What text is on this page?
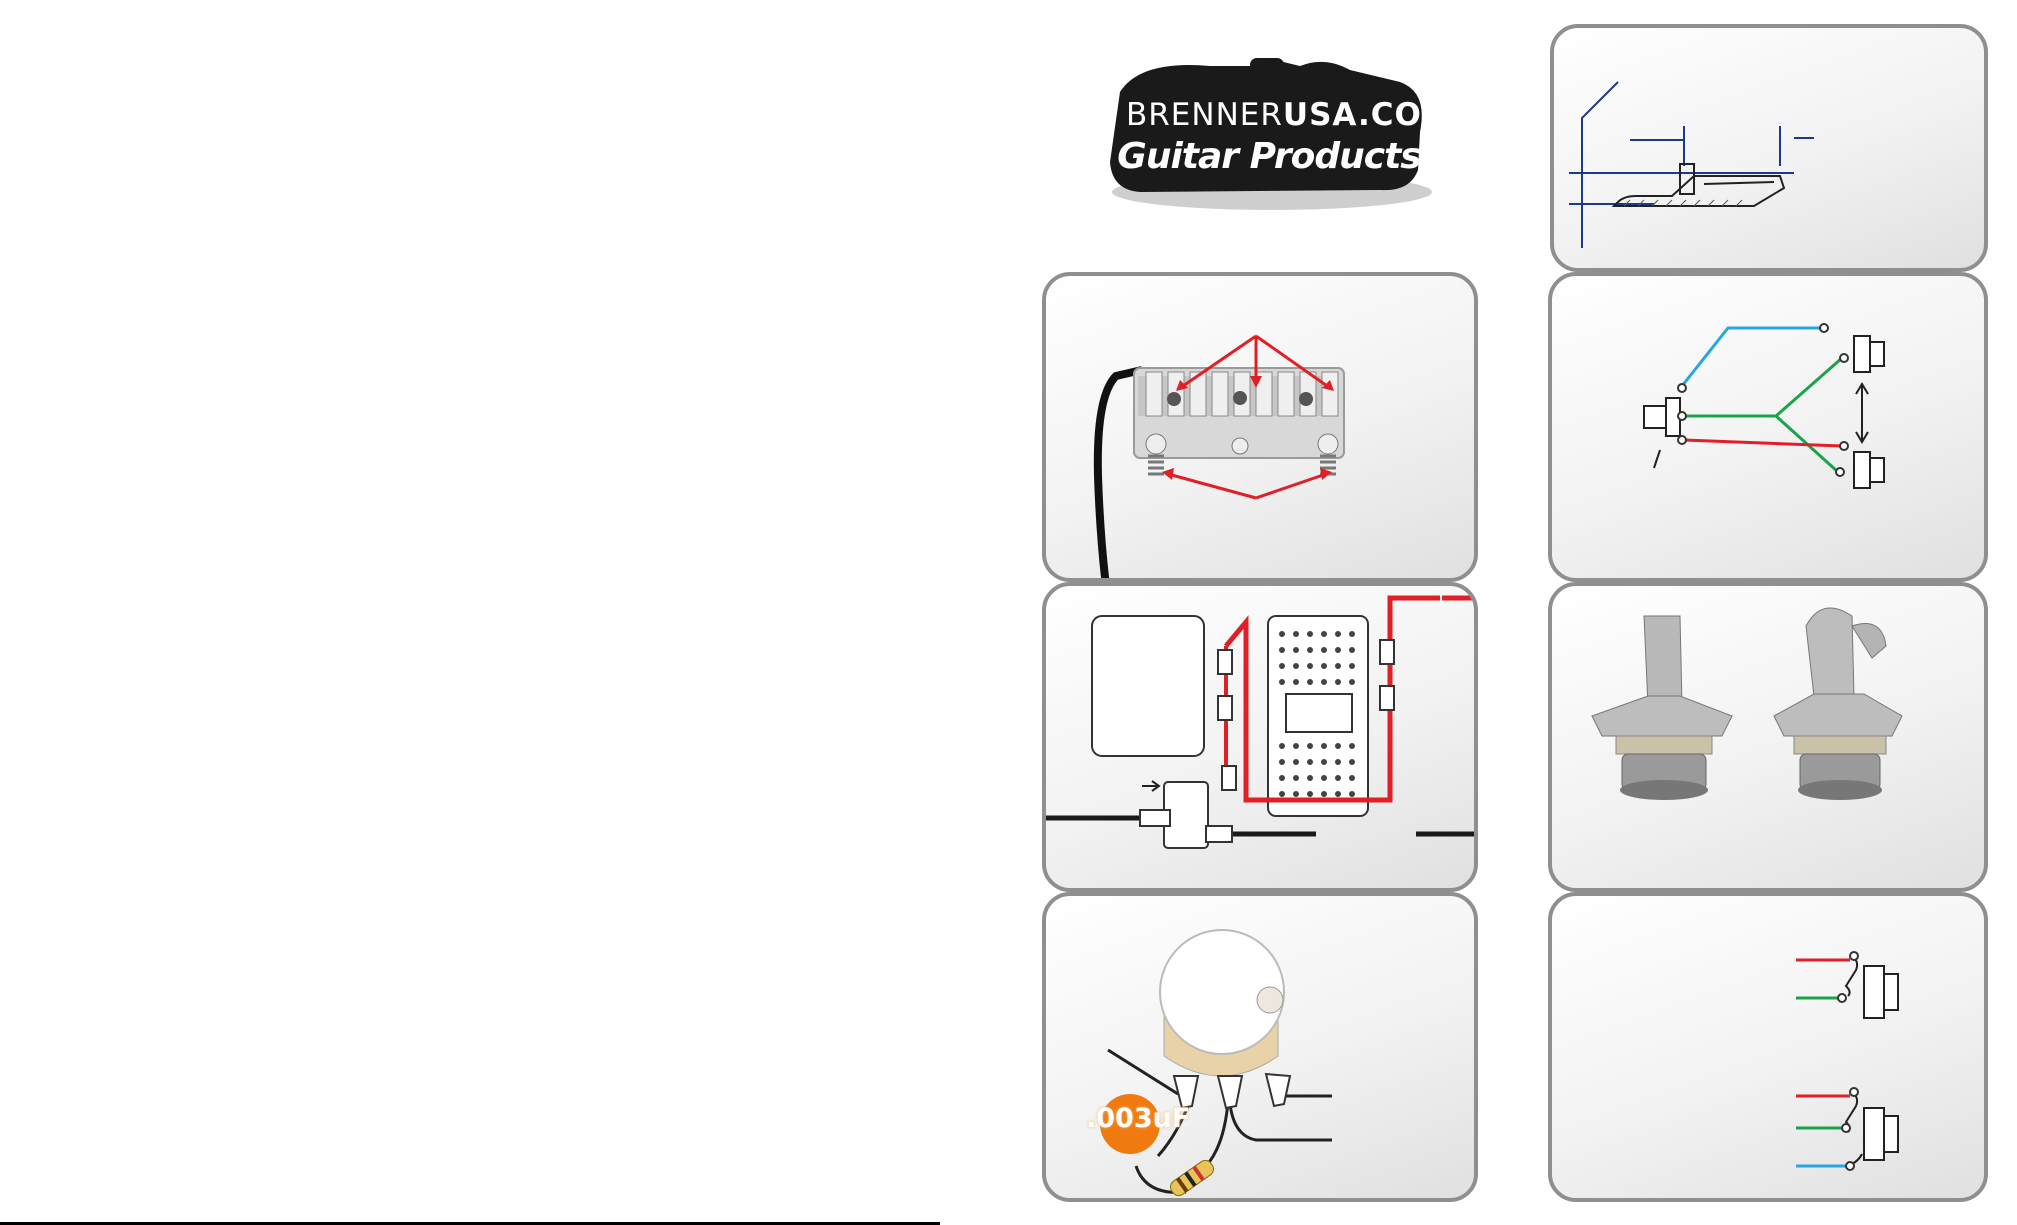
BRENNERUSA.COM
Guitar Products
.003uF
